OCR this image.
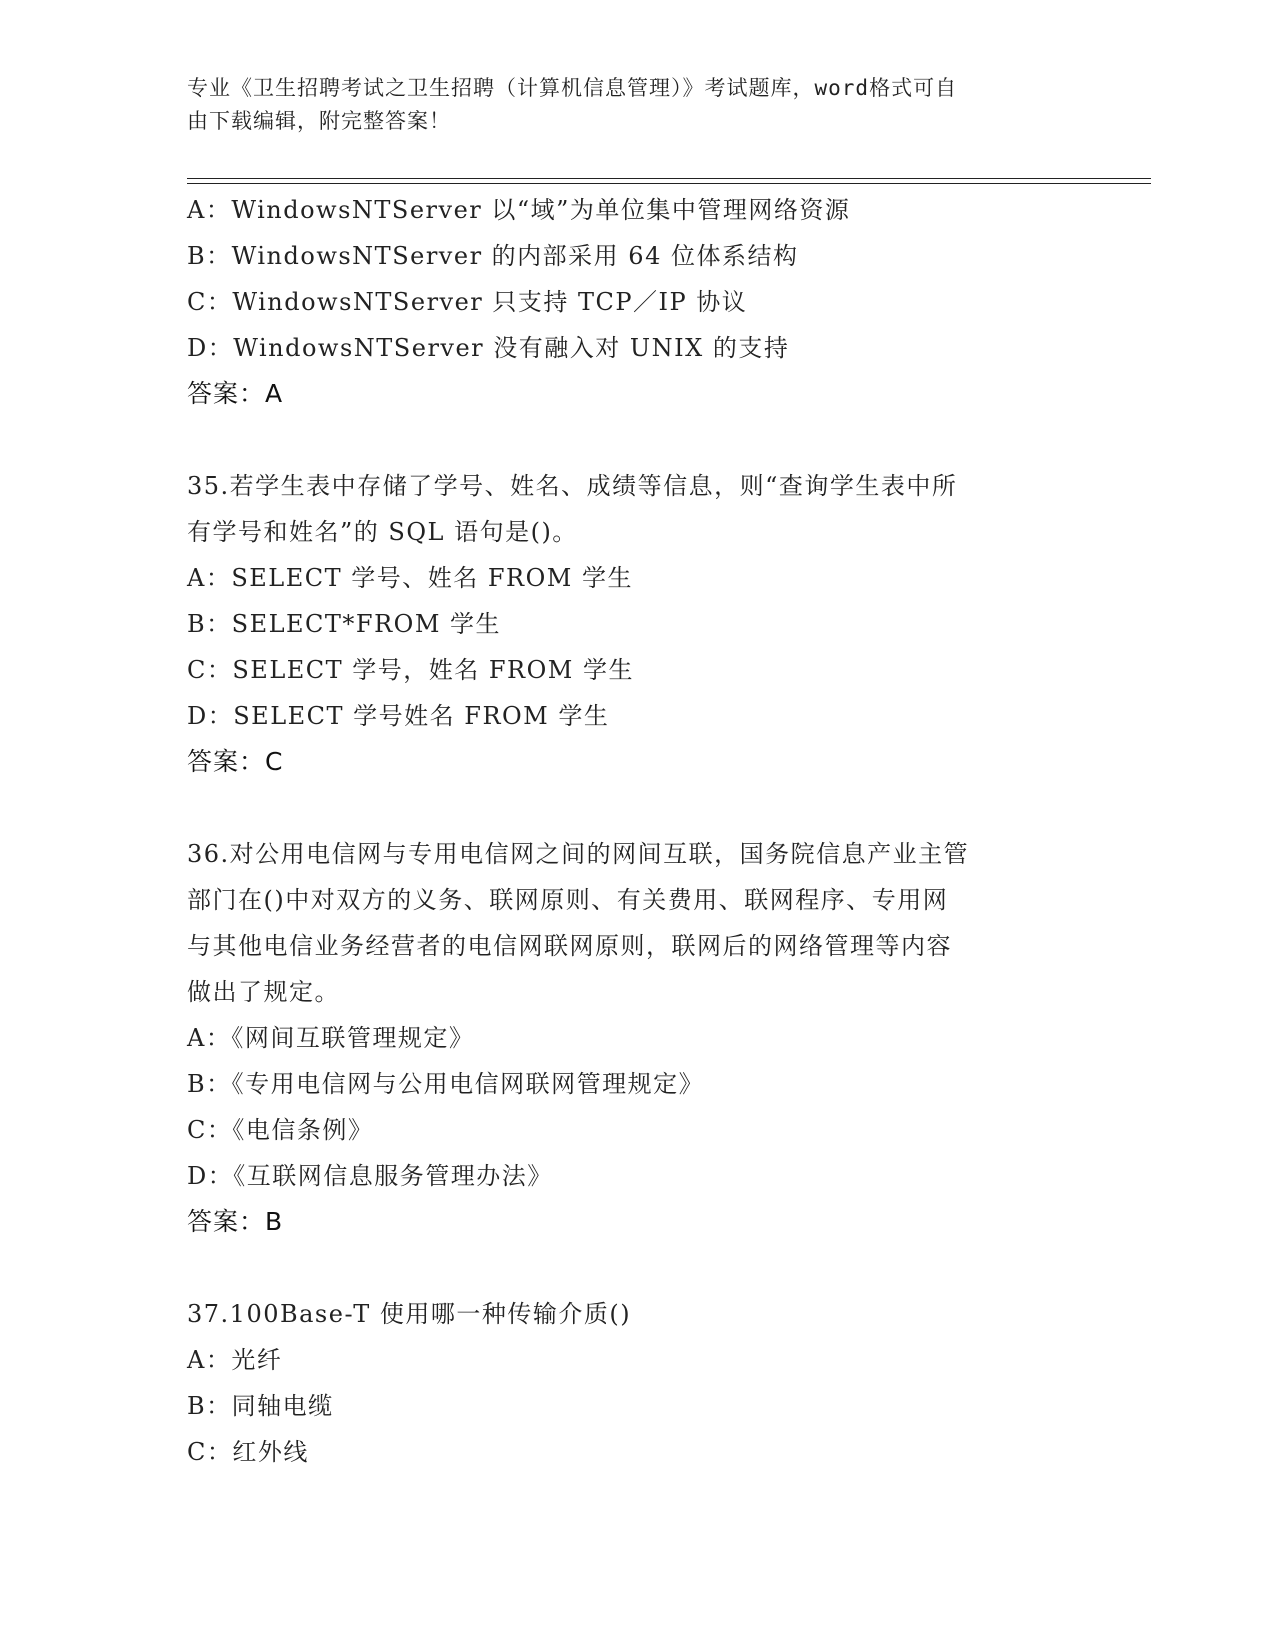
专业《卫生招聘考试之卫生招聘（计算机信息管理）》考试题库，word格式可自
由下载编辑，附完整答案！
A：WindowsNTServer 以“域”为单位集中管理网络资源
B：WindowsNTServer 的内部采用 64 位体系结构
C：WindowsNTServer 只支持 TCP／IP 协议
D：WindowsNTServer 没有融入对 UNIX 的支持
答案：A
35.若学生表中存储了学号、姓名、成绩等信息，则“查询学生表中所
有学号和姓名”的 SQL 语句是()。
A：SELECT 学号、姓名 FROM 学生
B：SELECT*FROM 学生
C：SELECT 学号，姓名 FROM 学生
D：SELECT 学号姓名 FROM 学生
答案：C
36.对公用电信网与专用电信网之间的网间互联，国务院信息产业主管
部门在()中对双方的义务、联网原则、有关费用、联网程序、专用网
与其他电信业务经营者的电信网联网原则，联网后的网络管理等内容
做出了规定。
A：《网间互联管理规定》
B：《专用电信网与公用电信网联网管理规定》
C：《电信条例》
D：《互联网信息服务管理办法》
答案：B
37.100Base-T 使用哪一种传输介质()
A：光纤
B：同轴电缆
C：红外线
